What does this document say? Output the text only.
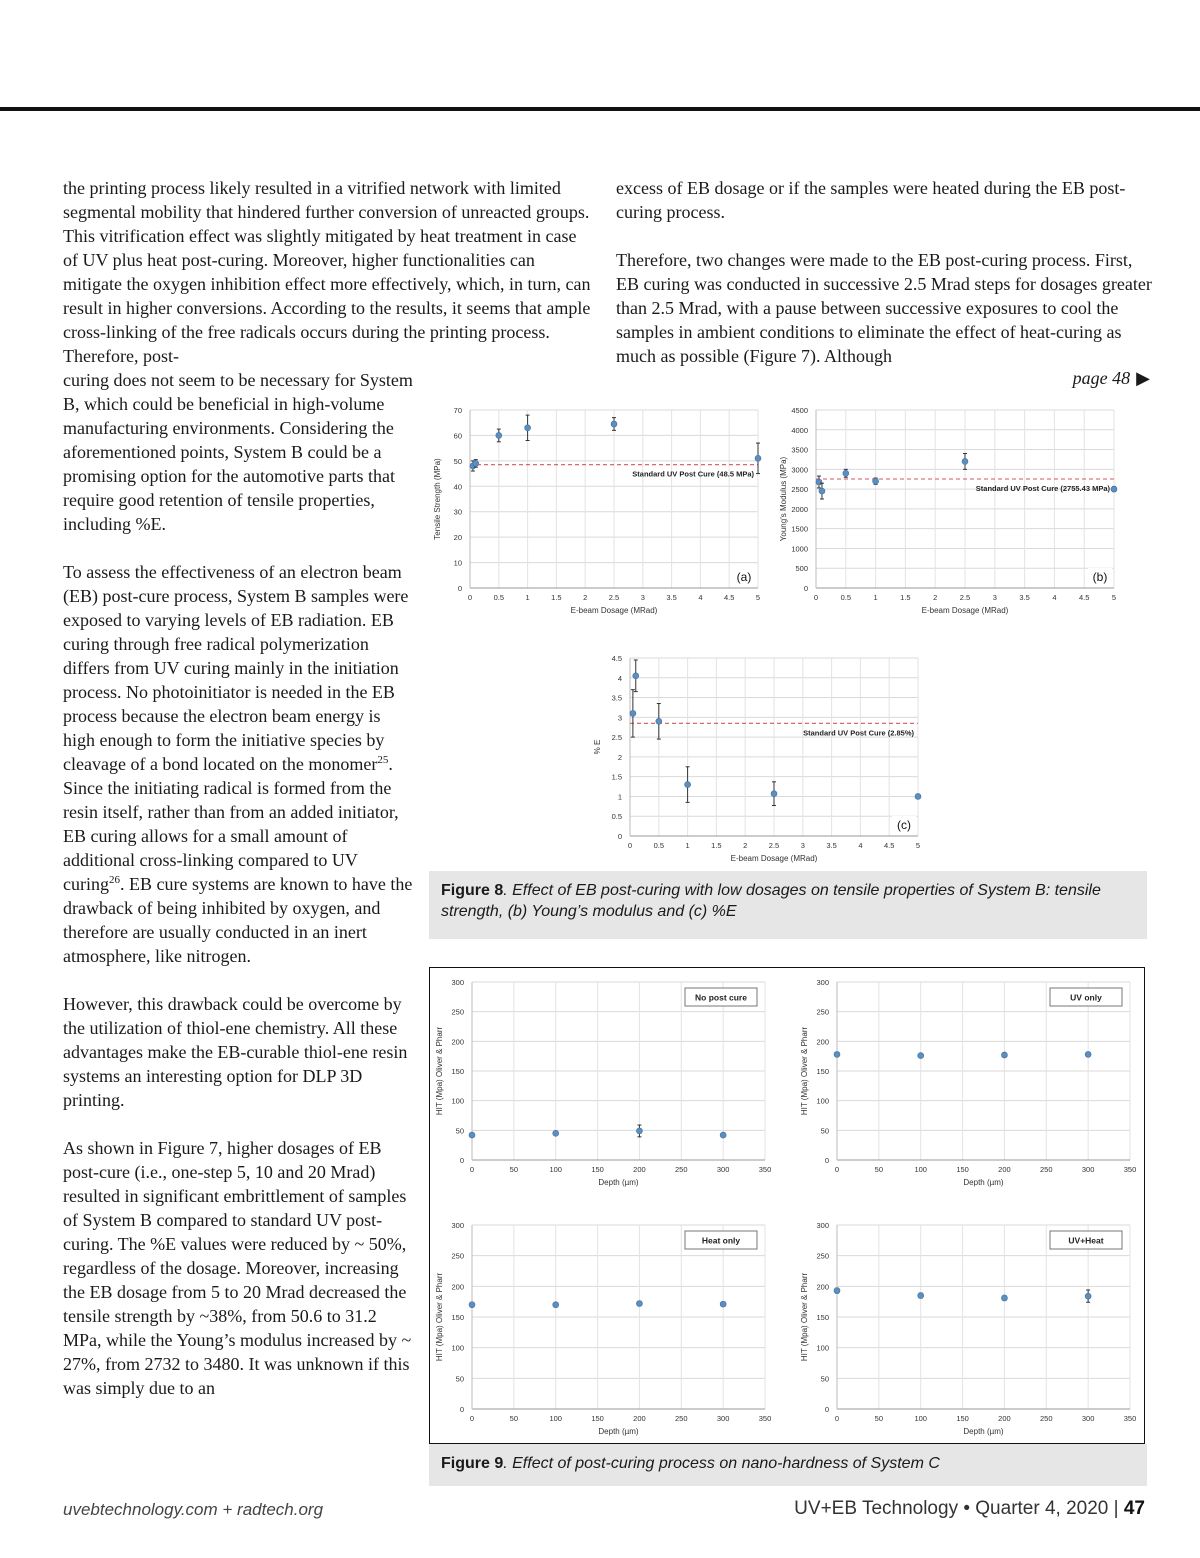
the printing process likely resulted in a vitrified network with limited segmental mobility that hindered further conversion of unreacted groups. This vitrification effect was slightly mitigated by heat treatment in case of UV plus heat post-curing. Moreover, higher functionalities can mitigate the oxygen inhibition effect more effectively, which, in turn, can result in higher conversions. According to the results, it seems that ample cross-linking of the free radicals occurs during the printing process. Therefore, post-

curing does not seem to be necessary for System B, which could be beneficial in high-volume manufacturing environments. Considering the aforementioned points, System B could be a promising option for the automotive parts that require good retention of tensile properties, including %E.

To assess the effectiveness of an electron beam (EB) post-cure process, System B samples were exposed to varying levels of EB radiation. EB curing through free radical polymerization differs from UV curing mainly in the initiation process. No photoinitiator is needed in the EB process because the electron beam energy is high enough to form the initiative species by cleavage of a bond located on the monomer$^{25}$. Since the initiating radical is formed from the resin itself, rather than from an added initiator, EB curing allows for a small amount of additional cross-linking compared to UV curing$^{26}$. EB cure systems are known to have the drawback of being inhibited by oxygen, and therefore are usually conducted in an inert atmosphere, like nitrogen.

However, this drawback could be overcome by the utilization of thiol-ene chemistry. All these advantages make the EB-curable thiol-ene resin systems an interesting option for DLP 3D printing.

As shown in Figure 7, higher dosages of EB post-cure (i.e., one-step 5, 10 and 20 Mrad) resulted in significant embrittlement of samples of System B compared to standard UV post-curing. The %E values were reduced by ~ 50%, regardless of the dosage. Moreover, increasing the EB dosage from 5 to 20 Mrad decreased the tensile strength by ~38%, from 50.6 to 31.2 MPa, while the Young’s modulus increased by ~ 27%, from 2732 to 3480. It was unknown if this was simply due to an

excess of EB dosage or if the samples were heated during the EB post-curing process.

Therefore, two changes were made to the EB post-curing process. First, EB curing was conducted in successive 2.5 Mrad steps for dosages greater than 2.5 Mrad, with a pause between successive exposures to cool the samples in ambient conditions to eliminate the effect of heat-curing as much as possible (Figure 7). Although

page 48 ▶
0
10
20
30
40
50
60
70
0	0.5	1	1.5	2	2.5	3	3.5	4	4.5	5
E-beam Dosage (MRad)
Tensile Strength (MPa)	Standard UV Post Cure (48.5 MPa)
(a)
0
500
1000
1500
2000
2500
3000
3500
4000
4500
0	0.5	1	1.5	2	2.5	3	3.5	4	4.5	5
E-beam Dosage (MRad)
Young's Modulus (MPa)	Standard UV Post Cure (2755.43 MPa)
(b)
0
0.5
1
1.5
2
2.5
3
3.5
4
4.5
0	0.5	1	1.5	2	2.5	3	3.5	4	4.5	5
E-beam Dosage (MRad)
% E
Standard UV Post Cure (2.85%)
(c)
Figure 8. Effect of EB post-curing with low dosages on tensile properties of System B: tensile strength, (b) Young’s modulus and (c) %E
0
50
100
150
200
250
300
0	50	100	150	200	250	300	350
Depth (µm)
HIT (Mpa) Oliver & Pharr
No post cure
0
50
100
150
200
250
300
0	50	100	150	200	250	300	350
Depth (µm)
HIT (Mpa) Oliver & Pharr
UV only
0
50
100
150
200
250
300
0	50	100	150	200	250	300	350
Depth (µm)
HIT (Mpa) Oliver & Pharr
Heat only
0
50
100
150
200
250
300
0	50	100	150	200	250	300	350
Depth (µm)
HIT (Mpa) Oliver & Pharr
UV+Heat
Figure 9. Effect of post-curing process on nano-hardness of System C
uvebtechnology.com + radtech.org	UV+EB Technology • Quarter 4, 2020 | 47
